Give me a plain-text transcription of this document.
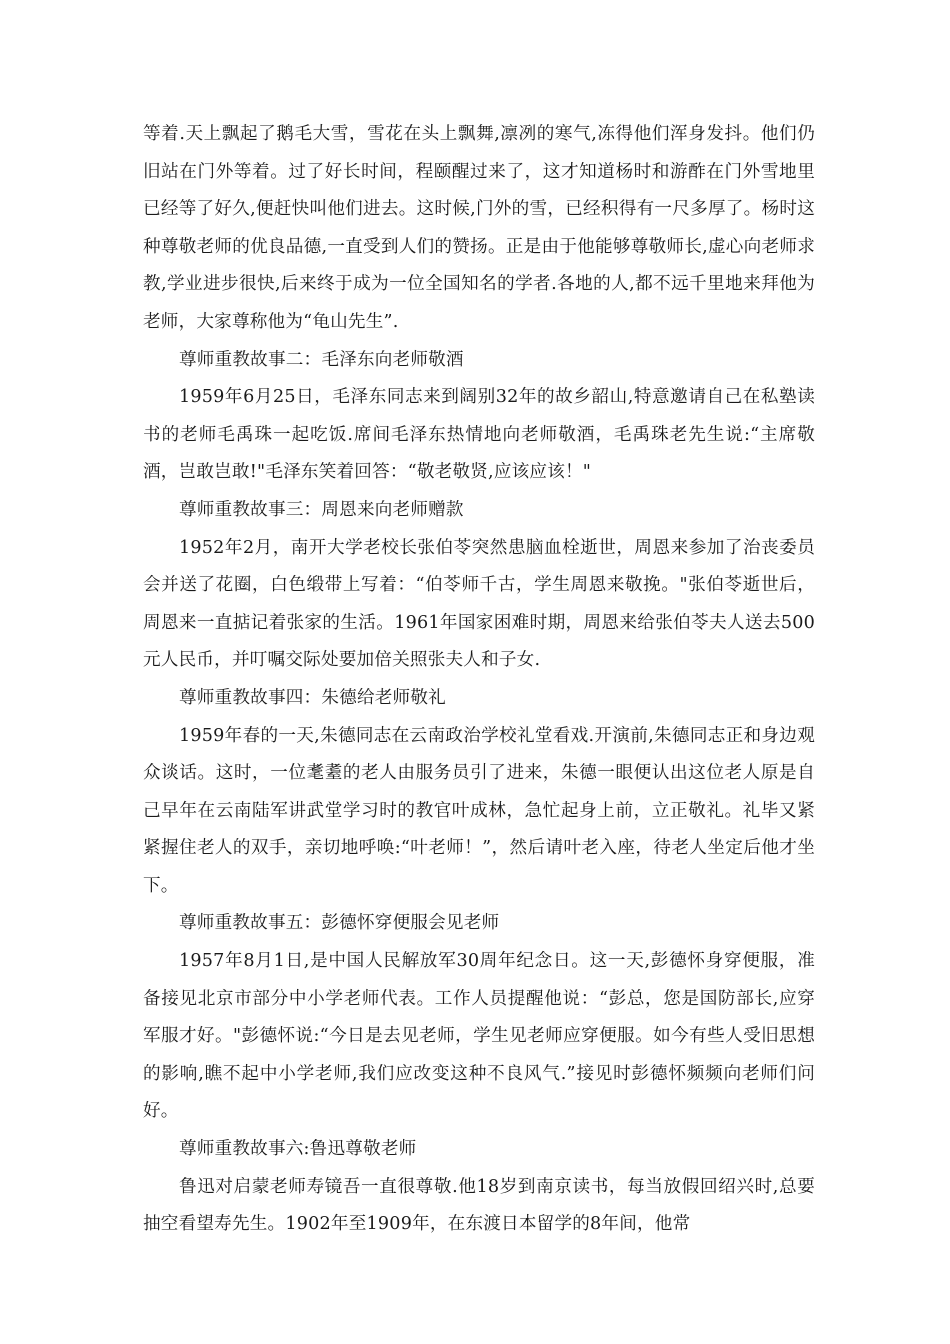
等着.天上飘起了鹅毛大雪，雪花在头上飘舞,凛冽的寒气,冻得他们浑身发抖。他们仍旧站在门外等着。过了好长时间，程颐醒过来了，这才知道杨时和游酢在门外雪地里已经等了好久,便赶快叫他们进去。这时候,门外的雪，已经积得有一尺多厚了。杨时这种尊敬老师的优良品德,一直受到人们的赞扬。正是由于他能够尊敬师长,虚心向老师求教,学业进步很快,后来终于成为一位全国知名的学者.各地的人,都不远千里地来拜他为老师，大家尊称他为“龟山先生”.

尊师重教故事二：毛泽东向老师敬酒

1959年6月25日，毛泽东同志来到阔别32年的故乡韶山,特意邀请自己在私塾读书的老师毛禹珠一起吃饭.席间毛泽东热情地向老师敬酒，毛禹珠老先生说:“主席敬酒，岂敢岂敢!"毛泽东笑着回答：“敬老敬贤,应该应该！"

尊师重教故事三：周恩来向老师赠款

1952年2月，南开大学老校长张伯苓突然患脑血栓逝世，周恩来参加了治丧委员会并送了花圈，白色缎带上写着：“伯苓师千古，学生周恩来敬挽。"张伯苓逝世后，周恩来一直掂记着张家的生活。1961年国家困难时期，周恩来给张伯苓夫人送去500元人民币，并叮嘱交际处要加倍关照张夫人和子女.

尊师重教故事四：朱德给老师敬礼

1959年春的一天,朱德同志在云南政治学校礼堂看戏.开演前,朱德同志正和身边观众谈话。这时，一位耄耋的老人由服务员引了进来，朱德一眼便认出这位老人原是自己早年在云南陆军讲武堂学习时的教官叶成林，急忙起身上前，立正敬礼。礼毕又紧紧握住老人的双手，亲切地呼唤:“叶老师！”，然后请叶老入座，待老人坐定后他才坐下。

尊师重教故事五：彭德怀穿便服会见老师

1957年8月1日,是中国人民解放军30周年纪念日。这一天,彭德怀身穿便服，准备接见北京市部分中小学老师代表。工作人员提醒他说：“彭总，您是国防部长,应穿军服才好。"彭德怀说:“今日是去见老师，学生见老师应穿便服。如今有些人受旧思想的影响,瞧不起中小学老师,我们应改变这种不良风气.”接见时彭德怀频频向老师们问好。

尊师重教故事六:鲁迅尊敬老师

鲁迅对启蒙老师寿镜吾一直很尊敬.他18岁到南京读书，每当放假回绍兴时,总要抽空看望寿先生。1902年至1909年，在东渡日本留学的8年间，他常
